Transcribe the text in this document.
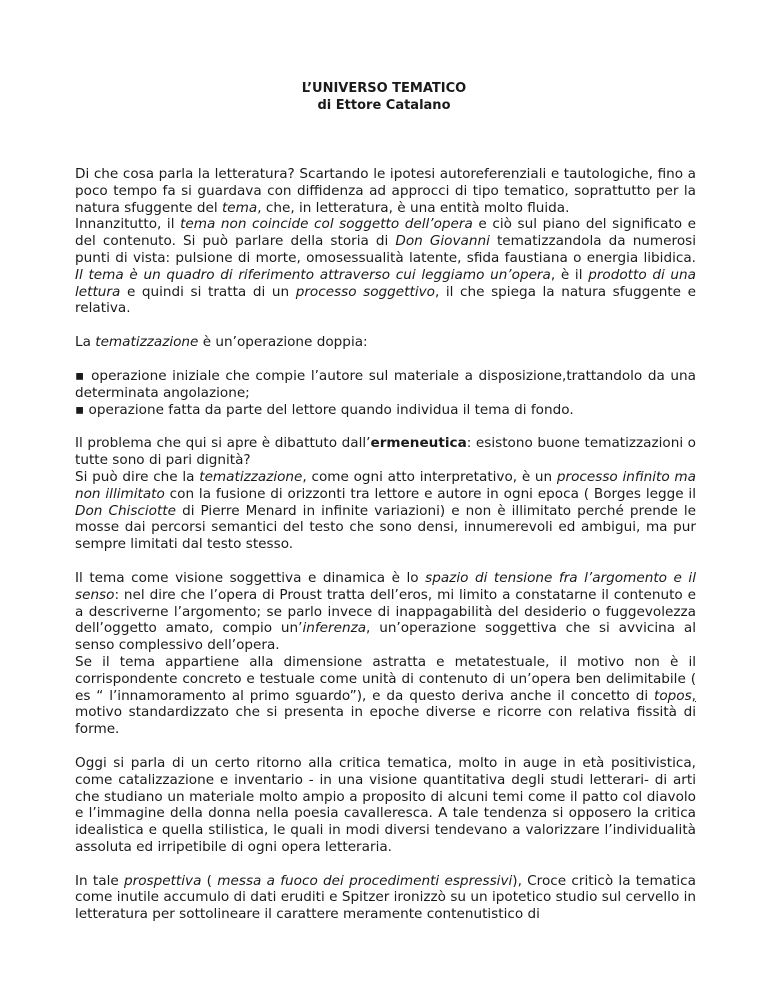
L’UNIVERSO TEMATICO
di Ettore Catalano

Di che cosa parla la letteratura? Scartando le ipotesi autoreferenziali e tautologiche, fino a poco tempo fa si guardava con diffidenza ad approcci di tipo tematico, soprattutto per la natura sfuggente del tema, che, in letteratura, è una entità molto fluida.

Innanzitutto, il tema non coincide col soggetto dell’opera e ciò sul piano del significato e del contenuto. Si può parlare della storia di Don Giovanni tematizzandola da numerosi punti di vista: pulsione di morte, omosessualità latente, sfida faustiana o energia libidica. Il tema è un quadro di riferimento attraverso cui leggiamo un’opera, è il prodotto di una lettura e quindi si tratta di un processo soggettivo, il che spiega la natura sfuggente e relativa.

La tematizzazione è un’operazione doppia:

▪ operazione iniziale che compie l’autore sul materiale a disposizione,trattandolo da una determinata angolazione;
▪ operazione fatta da parte del lettore quando individua il tema di fondo.

Il problema che qui si apre è dibattuto dall’ermeneutica: esistono buone tematizzazioni o tutte sono di pari dignità?

Si può dire che la tematizzazione, come ogni atto interpretativo, è un processo infinito ma non illimitato con la fusione di orizzonti tra lettore e autore in ogni epoca ( Borges legge il Don Chisciotte di Pierre Menard in infinite variazioni) e non è illimitato perché prende le mosse dai percorsi semantici del testo che sono densi, innumerevoli ed ambigui, ma pur sempre limitati dal testo stesso.

Il tema come visione soggettiva e dinamica è lo spazio di tensione fra l’argomento e il senso: nel dire che l’opera di Proust tratta dell’eros, mi limito a constatarne il contenuto e a descriverne l’argomento; se parlo invece di inappagabilità del desiderio o fuggevolezza dell’oggetto amato, compio un’inferenza, un’operazione soggettiva che si avvicina al senso complessivo dell’opera.

Se il tema appartiene alla dimensione astratta e metatestuale, il motivo non è il corrispondente concreto e testuale come unità di contenuto di un’opera ben delimitabile ( es “ l’innamoramento al primo sguardo”), e da questo deriva anche il concetto di topos, motivo standardizzato che si presenta in epoche diverse e ricorre con relativa fissità di forme.

Oggi si parla di un certo ritorno alla critica tematica, molto in auge in età positivistica, come catalizzazione e inventario - in una visione quantitativa degli studi letterari- di arti che studiano un materiale molto ampio a proposito di alcuni temi come il patto col diavolo e l’immagine della donna nella poesia cavalleresca. A tale tendenza si opposero la critica idealistica e quella stilistica, le quali in modi diversi tendevano a valorizzare l’individualità assoluta ed irripetibile di ogni opera letteraria.

In tale prospettiva ( messa a fuoco dei procedimenti espressivi), Croce criticò la tematica come inutile accumulo di dati eruditi e Spitzer ironizzò su un ipotetico studio sul cervello in letteratura per sottolineare il carattere meramente contenutistico di
